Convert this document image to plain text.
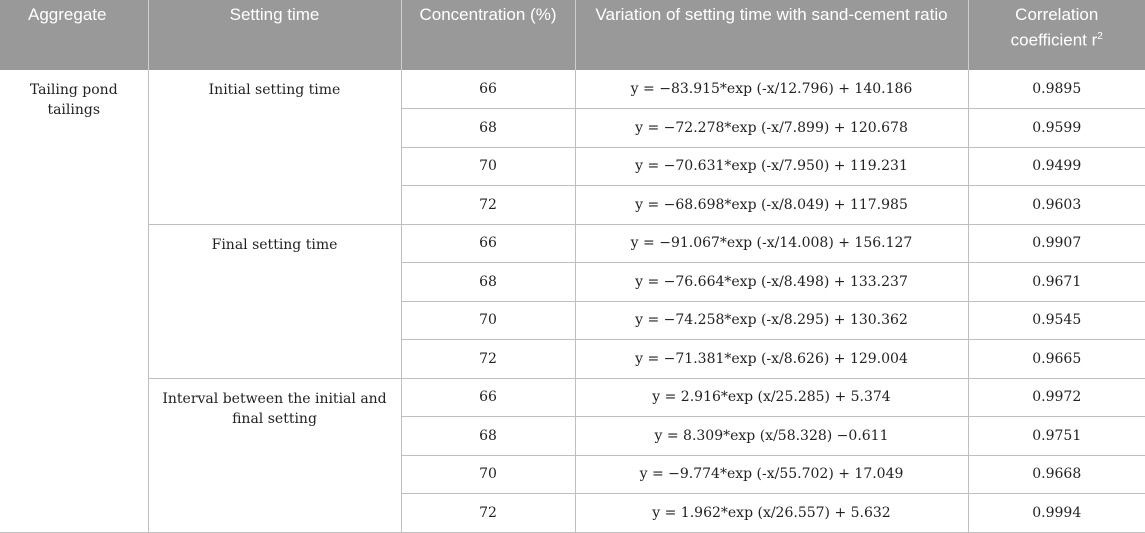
Aggregate	Setting time	Concentration (%)	Variation of setting time with sand-cement ratio	Correlation coefficient $r^2$
Tailing pond tailings	Initial setting time	66	y = −83.915*exp (-x/12.796) + 140.186	0.9895
		68	y = −72.278*exp (-x/7.899) + 120.678	0.9599
		70	y = −70.631*exp (-x/7.950) + 119.231	0.9499
		72	y = −68.698*exp (-x/8.049) + 117.985	0.9603
	Final setting time	66	y = −91.067*exp (-x/14.008) + 156.127	0.9907
		68	y = −76.664*exp (-x/8.498) + 133.237	0.9671
		70	y = −74.258*exp (-x/8.295) + 130.362	0.9545
		72	y = −71.381*exp (-x/8.626) + 129.004	0.9665
	Interval between the initial and final setting	66	y = 2.916*exp (x/25.285) + 5.374	0.9972
		68	y = 8.309*exp (x/58.328) −0.611	0.9751
		70	y = −9.774*exp (-x/55.702) + 17.049	0.9668
		72	y = 1.962*exp (x/26.557) + 5.632	0.9994
